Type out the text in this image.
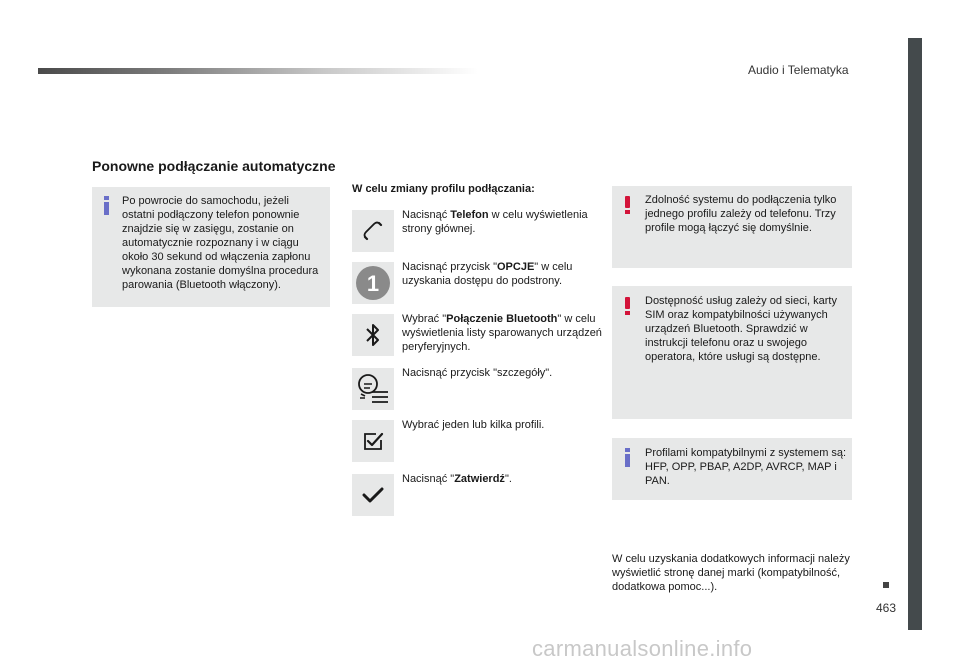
Audio i Telematyka
463
Ponowne podłączanie automatyczne
Po powrocie do samochodu, jeżeli ostatni podłączony telefon ponownie znajdzie się w zasięgu, zostanie on automatycznie rozpoznany i w ciągu około 30 sekund od włączenia zapłonu wykonana zostanie domyślna procedura parowania (Bluetooth włączony).
W celu zmiany profilu podłączania:
Nacisnąć Telefon w celu wyświetlenia strony głównej.
1
Nacisnąć przycisk "OPCJE" w celu uzyskania dostępu do podstrony.
Wybrać "Połączenie Bluetooth" w celu wyświetlenia listy sparowanych urządzeń peryferyjnych.
Nacisnąć przycisk "szczegóły".
Wybrać jeden lub kilka profili.
Nacisnąć "Zatwierdź".
Zdolność systemu do podłączenia tylko jednego profilu zależy od telefonu. Trzy profile mogą łączyć się domyślnie.
Dostępność usług zależy od sieci, karty SIM oraz kompatybilności używanych urządzeń Bluetooth. Sprawdzić w instrukcji telefonu oraz u swojego operatora, które usługi są dostępne.
Profilami kompatybilnymi z systemem są: HFP, OPP, PBAP, A2DP, AVRCP, MAP i PAN.
W celu uzyskania dodatkowych informacji należy wyświetlić stronę danej marki (kompatybilność, dodatkowa pomoc...).
carmanualsonline.info
